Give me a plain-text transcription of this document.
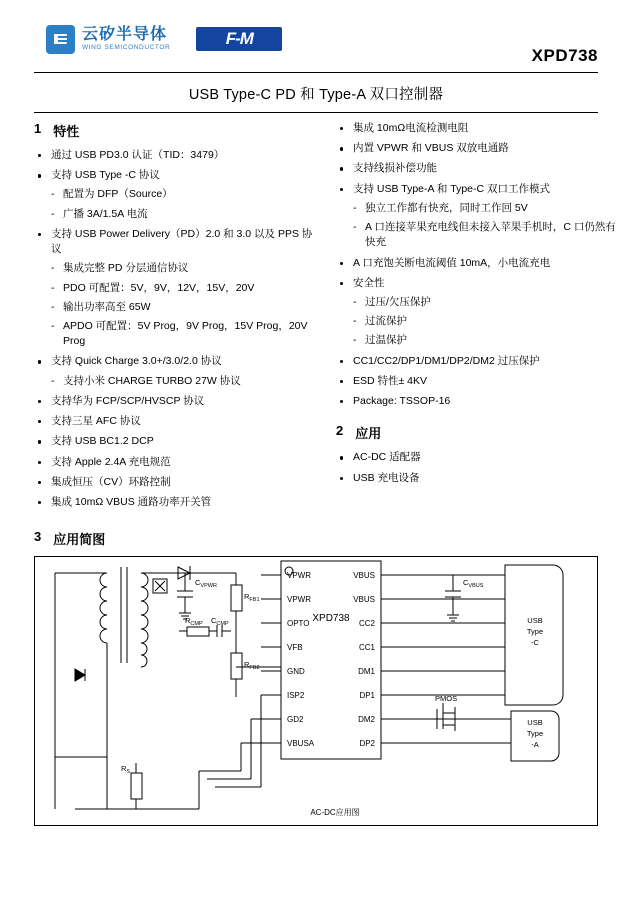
云矽半导体
WING SEMICONDUCTOR	F-M
XPD738
USB Type-C PD 和 Type-A 双口控制器
1 特性
通过 USB PD3.0 认证（TID：3479）
支持 USB Type -C 协议
- 配置为 DFP（Source）
- 广播 3A/1.5A 电流
支持 USB Power Delivery（PD）2.0 和 3.0 以及 PPS 协议
- 集成完整 PD 分层通信协议
- PDO 可配置：5V，9V，12V，15V，20V
- 输出功率高至 65W
- APDO 可配置：5V Prog，9V Prog，15V Prog，20V Prog
支持 Quick Charge 3.0+/3.0/2.0 协议
- 支持小米 CHARGE TURBO 27W 协议
支持华为 FCP/SCP/HVSCP 协议
支持三星 AFC 协议
支持 USB BC1.2 DCP
支持 Apple 2.4A 充电规范
集成恒压（CV）环路控制
集成 10mΩ VBUS 通路功率开关管
集成 10mΩ电流检测电阻
内置 VPWR 和 VBUS 双放电通路
支持线损补偿功能
支持 USB Type-A 和 Type-C 双口工作模式
- 独立工作都有快充，同时工作回 5V
- A 口连接苹果充电线但未接入苹果手机时，C 口仍然有快充
A 口充饱关断电流阈值 10mA，小电流充电
安全性
- 过压/欠压保护
- 过流保护
- 过温保护
CC1/CC2/DP1/DM1/DP2/DM2 过压保护
ESD 特性± 4KV
Package: TSSOP-16
2 应用
AC-DC 适配器
USB 充电设备
3 应用简图
XPD738
VPWR
VPWR
OPTO
VFB
GND
ISP2
GD2
VBUSA
VBUS
VBUS
CC2
CC1
DM1
DP1
DM2
DP2
$C_{VPWR}$	$C_{VBUS}$
$R_{FB1}$
$R_{FB2}$
$R_{CMP}$ $C_{CMP}$
$R_S$
PMOS
USB
Type
-C
USB
Type
-A
AC-DC应用图
